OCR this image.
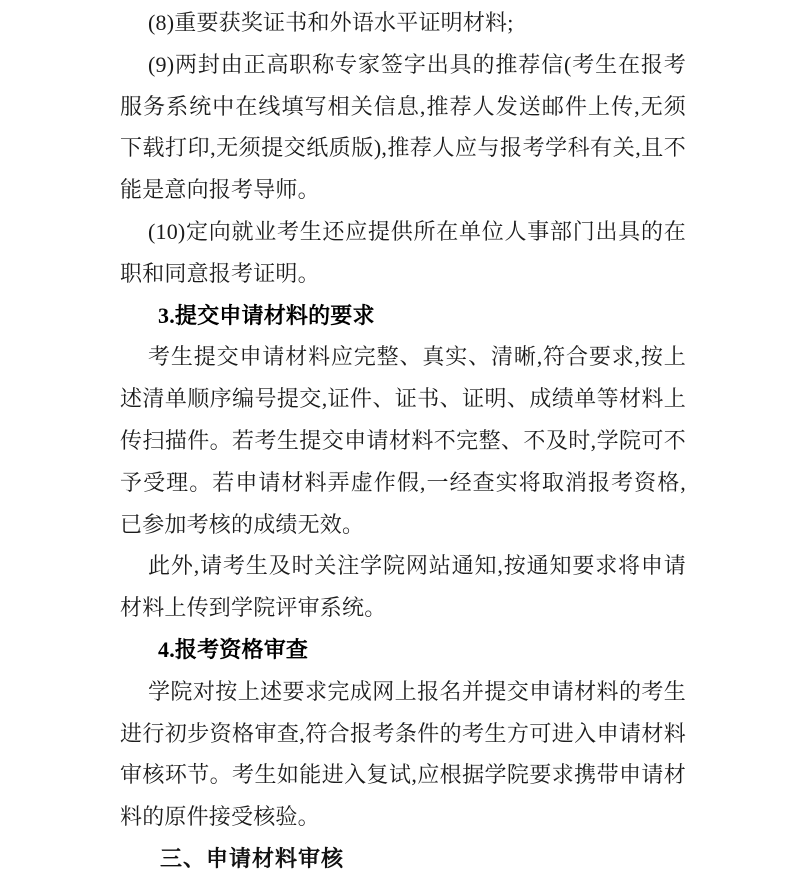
(8)重要获奖证书和外语水平证明材料;

(9)两封由正高职称专家签字出具的推荐信(考生在报考服务系统中在线填写相关信息,推荐人发送邮件上传,无须下载打印,无须提交纸质版),推荐人应与报考学科有关,且不能是意向报考导师。

(10)定向就业考生还应提供所在单位人事部门出具的在职和同意报考证明。

3.提交申请材料的要求

考生提交申请材料应完整、真实、清晰,符合要求,按上述清单顺序编号提交,证件、证书、证明、成绩单等材料上传扫描件。若考生提交申请材料不完整、不及时,学院可不予受理。若申请材料弄虚作假,一经查实将取消报考资格,已参加考核的成绩无效。

此外,请考生及时关注学院网站通知,按通知要求将申请材料上传到学院评审系统。

4.报考资格审查

学院对按上述要求完成网上报名并提交申请材料的考生进行初步资格审查,符合报考条件的考生方可进入申请材料审核环节。考生如能进入复试,应根据学院要求携带申请材料的原件接受核验。

三、申请材料审核
